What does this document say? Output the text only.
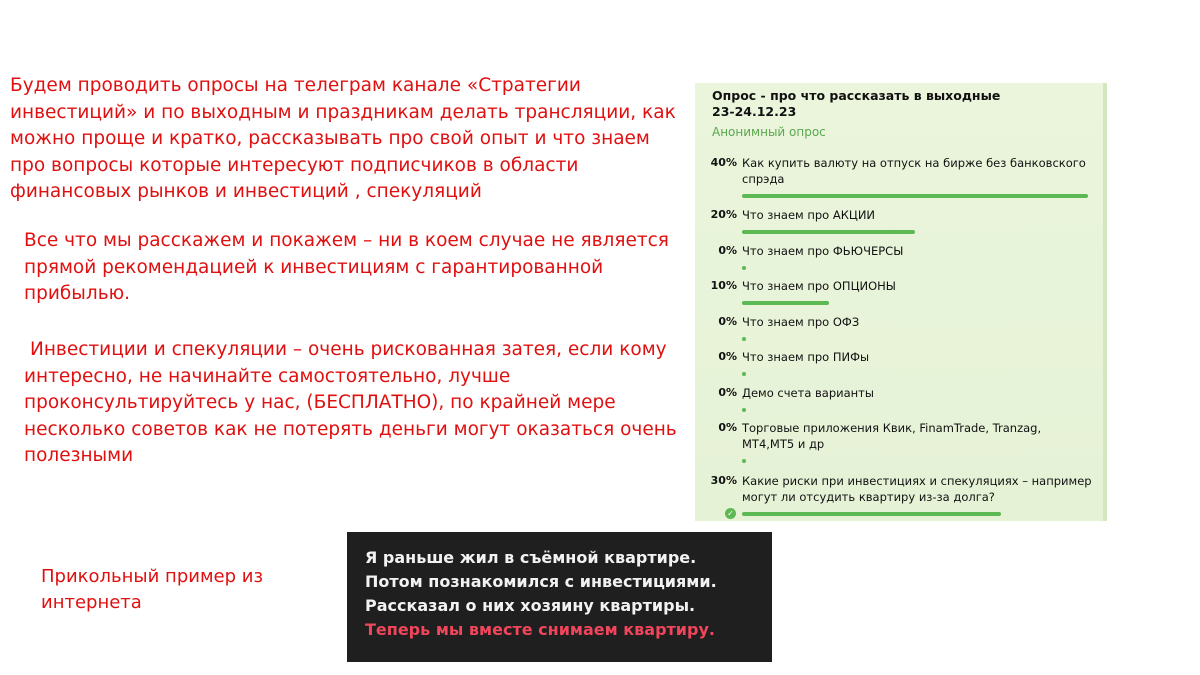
Будем проводить опросы на телеграм канале «Стратегии инвестиций» и по выходным и праздникам делать трансляции, как можно проще и кратко, рассказывать про свой опыт и что знаем про вопросы которые интересуют подписчиков в области финансовых рынков и инвестиций , спекуляций
Все что мы расскажем и покажем – ни в коем случае не является прямой рекомендацией к инвестициям с гарантированной прибылью.
Инвестиции и спекуляции – очень рискованная затея, если кому интересно, не начинайте самостоятельно, лучше проконсультируйтесь у нас, (БЕСПЛАТНО), по крайней мере несколько советов как не потерять деньги могут оказаться очень полезными
Прикольный пример из интернета
Опрос - про что рассказать в выходные
23-24.12.23
Анонимный опрос
40% Как купить валюту на отпуск на бирже без банковского спрэда
20% Что знаем про АКЦИИ
0% Что знаем про ФЬЮЧЕРСЫ
10% Что знаем про ОПЦИОНЫ
0% Что знаем про ОФЗ
0% Что знаем про ПИФы
0% Демо счета варианты
0% Торговые приложения Квик, FinamTrade, Tranzag, MT4,MT5 и др
30% Какие риски при инвестициях и спекуляциях – например могут ли отсудить квартиру из-за долга?
✓
Я раньше жил в съёмной квартире. Потом познакомился с инвестициями. Рассказал о них хозяину квартиры. Теперь мы вместе снимаем квартиру.
